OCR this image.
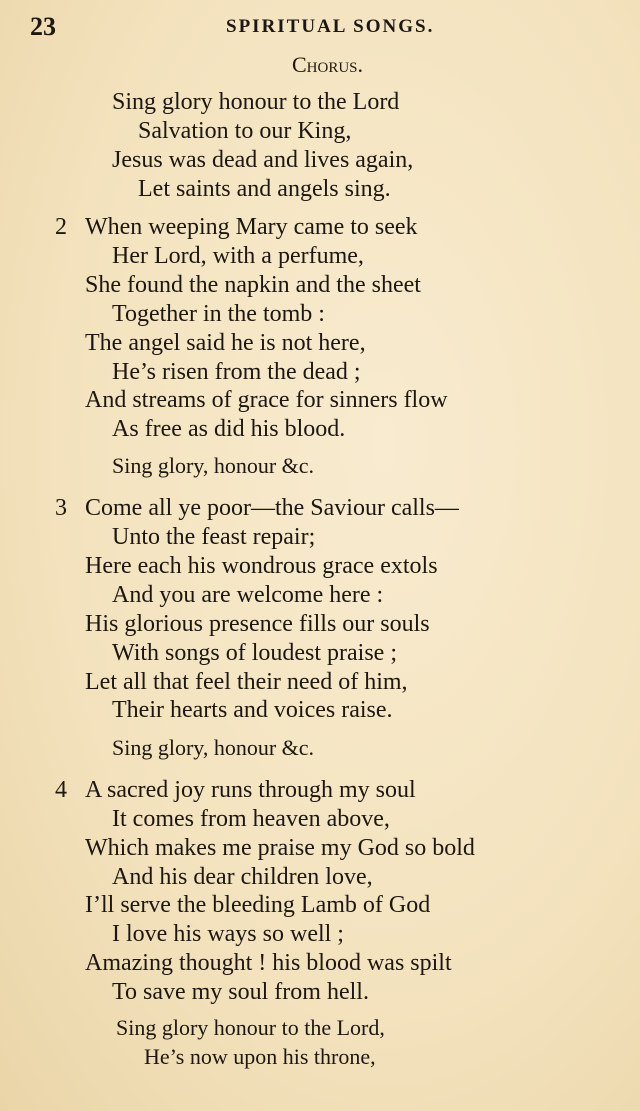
23	SPIRITUAL SONGS.
Chorus.
Sing glory honour to the Lord
Salvation to our King,
Jesus was dead and lives again,
Let saints and angels sing.
2 When weeping Mary came to seek
Her Lord, with a perfume,
She found the napkin and the sheet
Together in the tomb :
The angel said he is not here,
He’s risen from the dead ;
And streams of grace for sinners flow
As free as did his blood.
Sing glory, honour &c.
3 Come all ye poor—the Saviour calls—
Unto the feast repair;
Here each his wondrous grace extols
And you are welcome here :
His glorious presence fills our souls
With songs of loudest praise ;
Let all that feel their need of him,
Their hearts and voices raise.
Sing glory, honour &c.
4 A sacred joy runs through my soul
It comes from heaven above,
Which makes me praise my God so bold
And his dear children love,
I’ll serve the bleeding Lamb of God
I love his ways so well ;
Amazing thought ! his blood was spilt
To save my soul from hell.
Sing glory honour to the Lord,
He’s now upon his throne,
